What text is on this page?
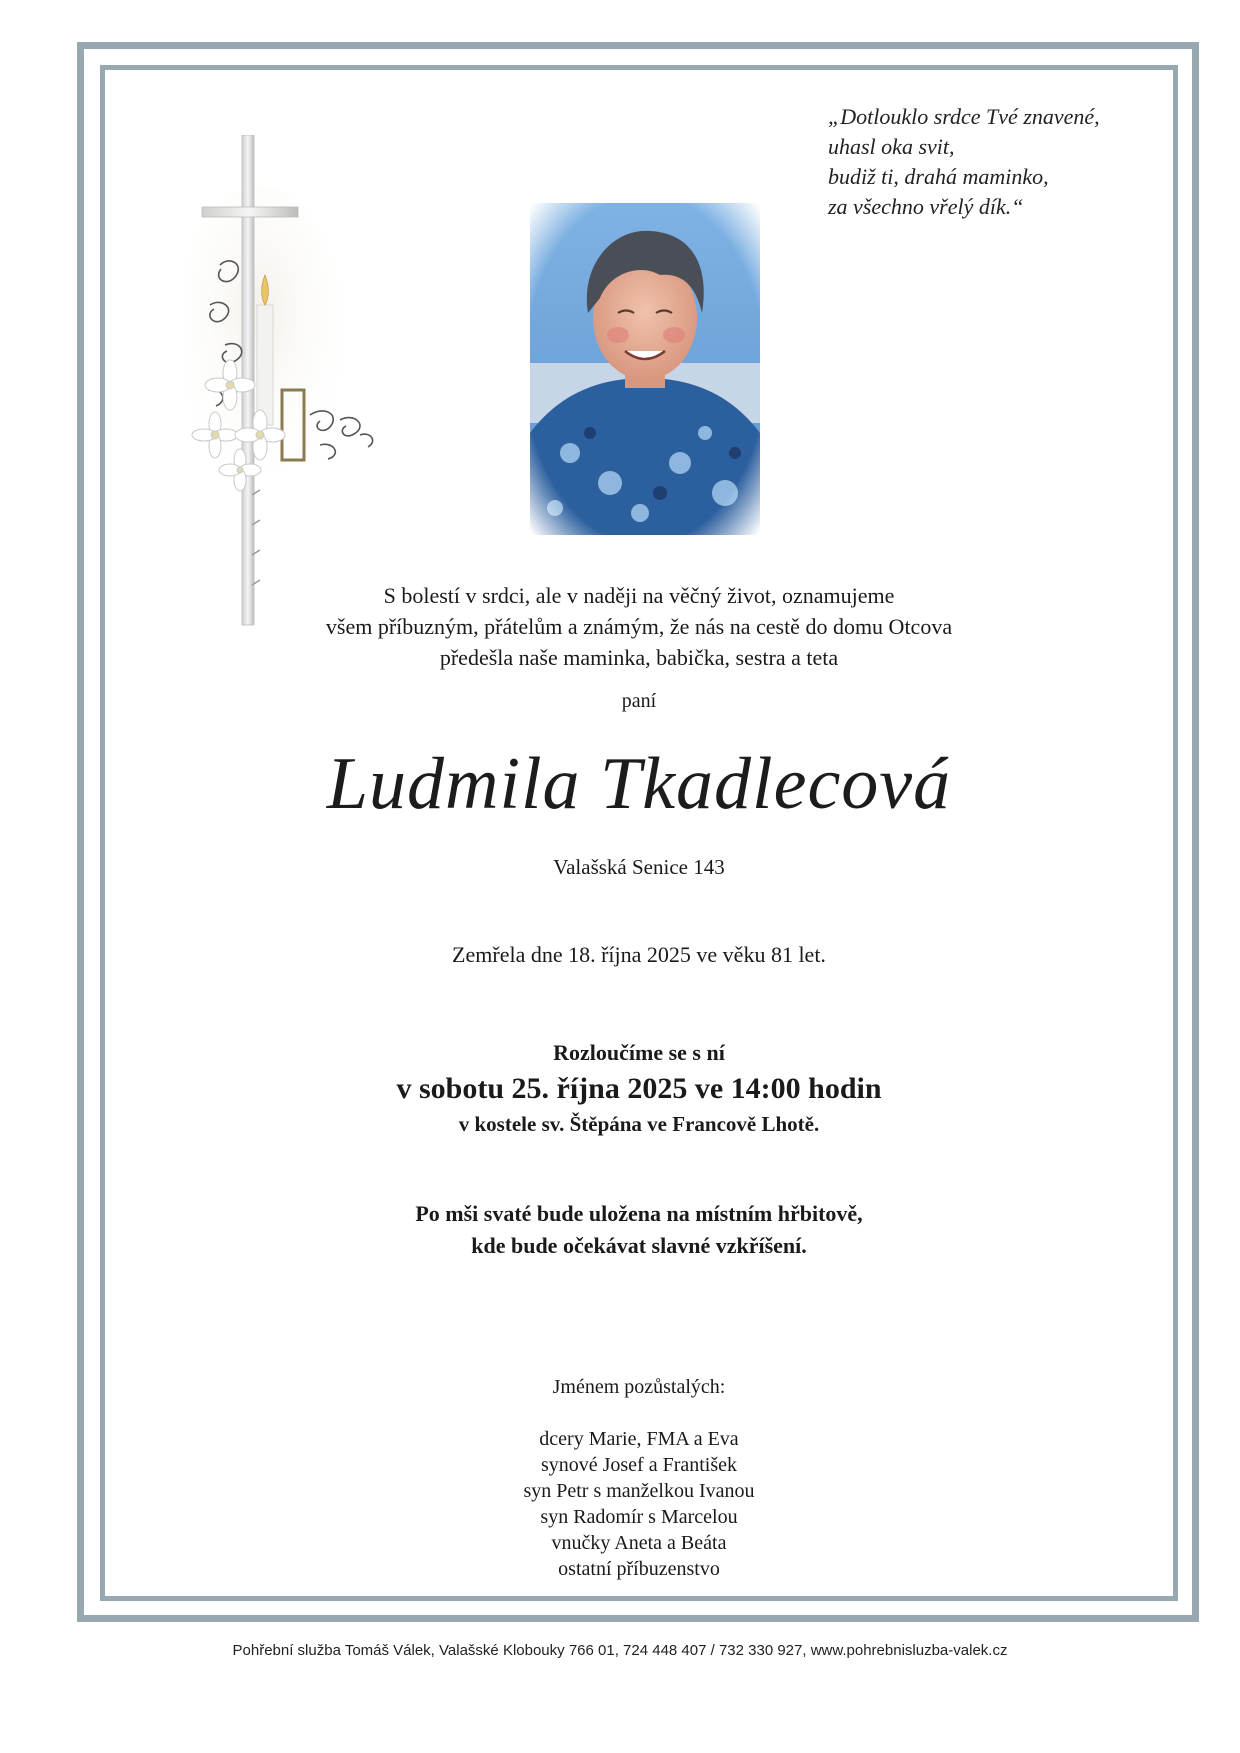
„Dotlouklo srdce Tvé znavené,
uhasl oka svit,
budiž ti, drahá maminko,
za všechno vřelý dík.“
S bolestí v srdci, ale v naději na věčný život, oznamujeme
všem příbuzným, přátelům a známým, že nás na cestě do domu Otcova
předešla naše maminka, babička, sestra a teta
paní
Ludmila Tkadlecová
Valašská Senice 143
Zemřela dne 18. října 2025 ve věku 81 let.
Rozloučíme se s ní
v sobotu 25. října 2025 ve 14:00 hodin
v kostele sv. Štěpána ve Francově Lhotě.
Po mši svaté bude uložena na místním hřbitově,
kde bude očekávat slavné vzkříšení.
Jménem pozůstalých:
dcery Marie, FMA a Eva
synové Josef a František
syn Petr s manželkou Ivanou
syn Radomír s Marcelou
vnučky Aneta a Beáta
ostatní příbuzenstvo
Pohřební služba Tomáš Válek, Valašské Klobouky 766 01, 724 448 407 / 732 330 927, www.pohrebnisluzba-valek.cz
